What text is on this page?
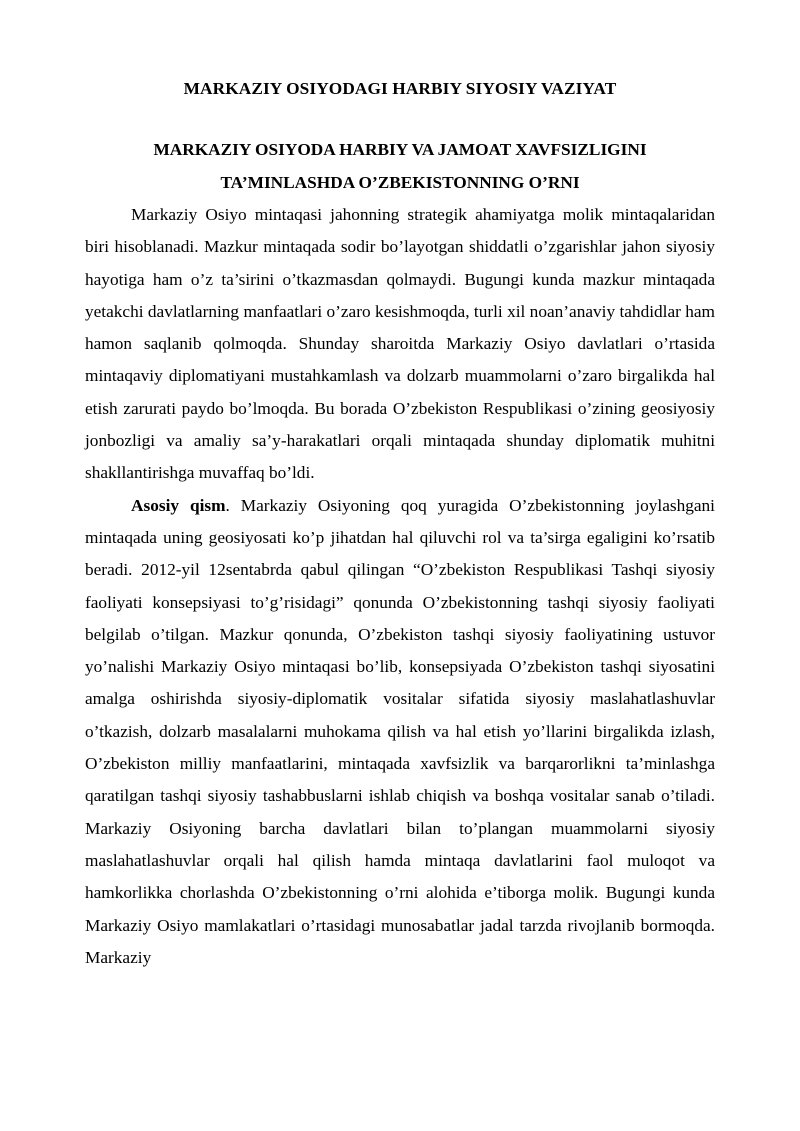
MARKAZIY OSIYODAGI HARBIY SIYOSIY VAZIYAT
MARKAZIY OSIYODA HARBIY VA JAMOAT XAVFSIZLIGINI
TA’MINLASHDA O’ZBEKISTONNING O’RNI

Markaziy Osiyo mintaqasi jahonning strategik ahamiyatga molik mintaqalaridan biri hisoblanadi. Mazkur mintaqada sodir bo’layotgan shiddatli o’zgarishlar jahon siyosiy hayotiga ham o’z ta’sirini o’tkazmasdan qolmaydi. Bugungi kunda mazkur mintaqada yetakchi davlatlarning manfaatlari o’zaro kesishmoqda, turli xil noan’anaviy tahdidlar ham hamon saqlanib qolmoqda. Shunday sharoitda Markaziy Osiyo davlatlari o’rtasida mintaqaviy diplomatiyani mustahkamlash va dolzarb muammolarni o’zaro birgalikda hal etish zarurati paydo bo’lmoqda. Bu borada O’zbekiston Respublikasi o’zining geosiyosiy jonbozligi va amaliy sa’y-harakatlari orqali mintaqada shunday diplomatik muhitni shakllantirishga muvaffaq bo’ldi.

Asosiy qism. Markaziy Osiyoning qoq yuragida O’zbekistonning joylashgani mintaqada uning geosiyosati ko’p jihatdan hal qiluvchi rol va ta’sirga egaligini ko’rsatib beradi. 2012-yil 12sentabrda qabul qilingan “O’zbekiston Respublikasi Tashqi siyosiy faoliyati konsepsiyasi to’g’risidagi” qonunda O’zbekistonning tashqi siyosiy faoliyati belgilab o’tilgan. Mazkur qonunda, O’zbekiston tashqi siyosiy faoliyatining ustuvor yo’nalishi Markaziy Osiyo mintaqasi bo’lib, konsepsiyada O’zbekiston tashqi siyosatini amalga oshirishda siyosiy-diplomatik vositalar sifatida siyosiy maslahatlashuvlar o’tkazish, dolzarb masalalarni muhokama qilish va hal etish yo’llarini birgalikda izlash, O’zbekiston milliy manfaatlarini, mintaqada xavfsizlik va barqarorlikni ta’minlashga qaratilgan tashqi siyosiy tashabbuslarni ishlab chiqish va boshqa vositalar sanab o’tiladi. Markaziy Osiyoning barcha davlatlari bilan to’plangan muammolarni siyosiy maslahatlashuvlar orqali hal qilish hamda mintaqa davlatlarini faol muloqot va hamkorlikka chorlashda O’zbekistonning o’rni alohida e’tiborga molik. Bugungi kunda Markaziy Osiyo mamlakatlari o’rtasidagi munosabatlar jadal tarzda rivojlanib bormoqda. Markaziy
